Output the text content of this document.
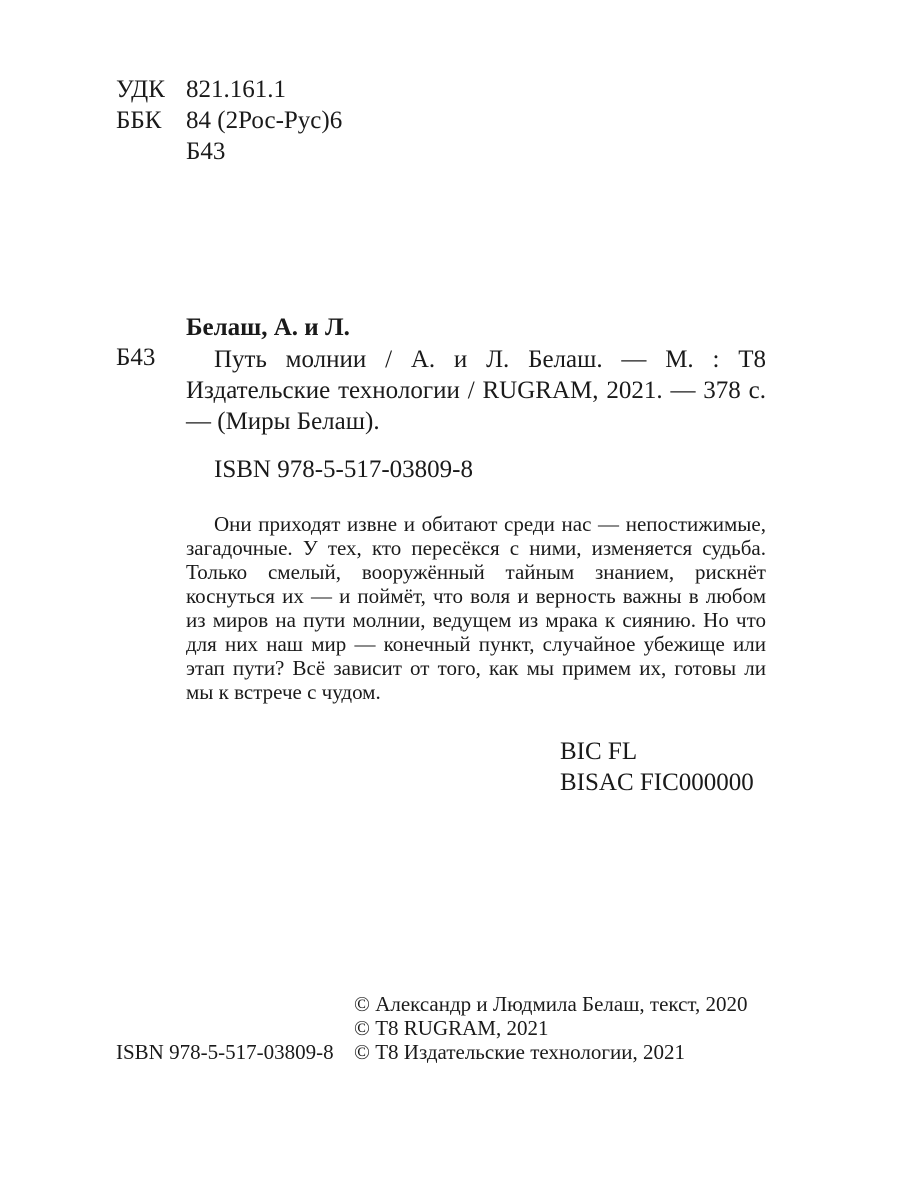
УДК 821.161.1
ББК 84 (2Рос-Рус)6
Б43
Белаш, А. и Л.
Б43	Путь молнии / А. и Л. Белаш. — М. : Т8 Издательские технологии / RUGRAM, 2021. — 378 с. — (Миры Белаш).
ISBN 978-5-517-03809-8
Они приходят извне и обитают среди нас — непостижимые, загадочные. У тех, кто пересёкся с ними, изменяется судьба. Только смелый, вооружённый тайным знанием, рискнёт коснуться их — и поймёт, что воля и верность важны в любом из миров на пути молнии, ведущем из мрака к сиянию. Но что для них наш мир — конечный пункт, случайное убежище или этап пути? Всё зависит от того, как мы примем их, готовы ли мы к встрече с чудом.
BIC FL
BISAC FIC000000
ISBN 978-5-517-03809-8
© Александр и Людмила Белаш, текст, 2020
© Т8 RUGRAM, 2021
© Т8 Издательские технологии, 2021
